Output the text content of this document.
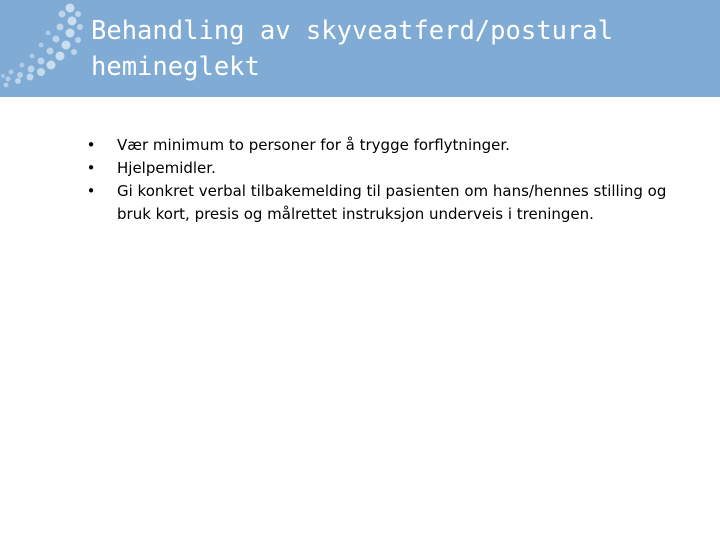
Behandling av skyveatferd/postural hemineglekt
• Vær minimum to personer for å trygge forflytninger.
• Hjelpemidler.
• Gi konkret verbal tilbakemelding til pasienten om hans/hennes stilling og bruk kort, presis og målrettet instruksjon underveis i treningen.
